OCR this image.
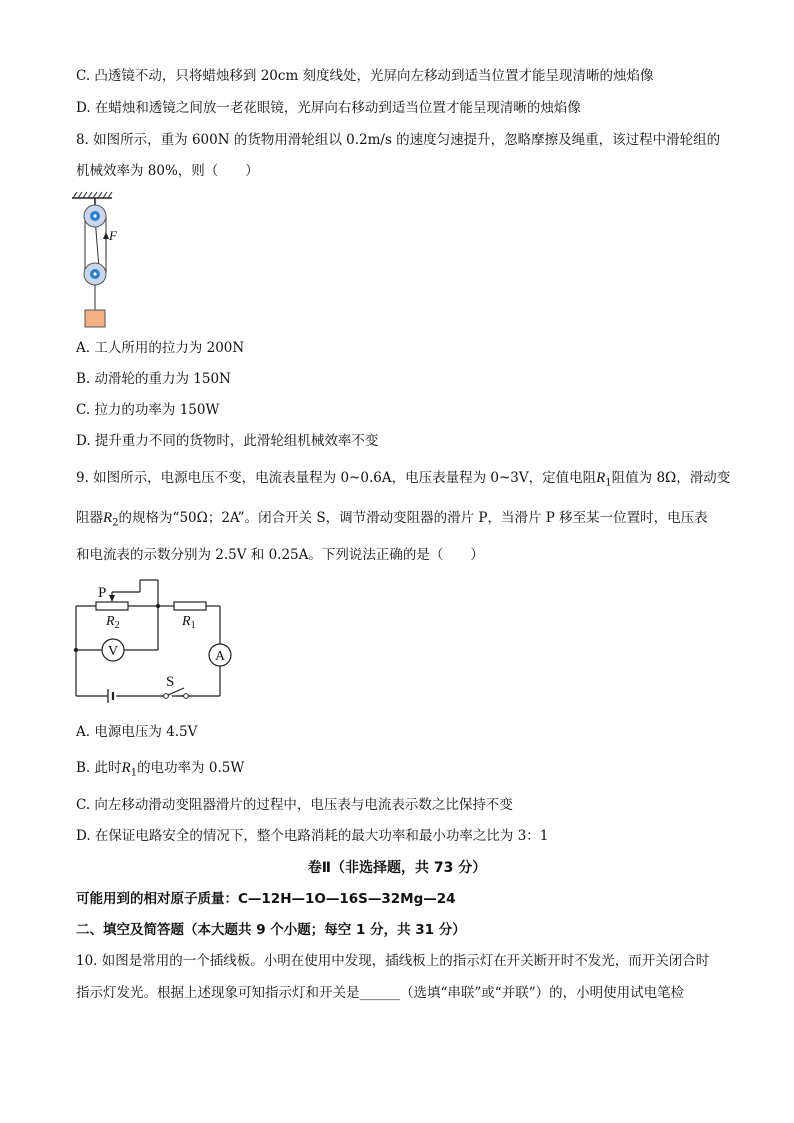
C. 凸透镜不动，只将蜡烛移到 20cm 刻度线处，光屏向左移动到适当位置才能呈现清晰的烛焰像
D. 在蜡烛和透镜之间放一老花眼镜，光屏向右移动到适当位置才能呈现清晰的烛焰像
8. 如图所示，重为 600N 的货物用滑轮组以 0.2m/s 的速度匀速提升，忽略摩擦及绳重，该过程中滑轮组的
机械效率为 80%，则（　　）
F
A. 工人所用的拉力为 200N
B. 动滑轮的重力为 150N
C. 拉力的功率为 150W
D. 提升重力不同的货物时，此滑轮组机械效率不变
9. 如图所示，电源电压不变，电流表量程为 0~0.6A，电压表量程为 0~3V，定值电阻$R_1$阻值为 8Ω，滑动变
阻器$R_2$的规格为“50Ω；2A”。闭合开关 S，调节滑动变阻器的滑片 P，当滑片 P 移至某一位置时，电压表
和电流表的示数分别为 2.5V 和 0.25A。下列说法正确的是（　　）
V	A
P
$R_2$	$R_1$
S
A. 电源电压为 4.5V
B. 此时$R_1$的电功率为 0.5W
C. 向左移动滑动变阻器滑片的过程中，电压表与电流表示数之比保持不变
D. 在保证电路安全的情况下，整个电路消耗的最大功率和最小功率之比为 3：1
卷Ⅱ（非选择题，共 73 分）
可能用到的相对原子质量：C—12H—1O—16S—32Mg—24
二、填空及简答题（本大题共 9 个小题；每空 1 分，共 31 分）
10. 如图是常用的一个插线板。小明在使用中发现，插线板上的指示灯在开关断开时不发光，而开关闭合时
指示灯发光。根据上述现象可知指示灯和开关是______（选填“串联”或“并联”）的，小明使用试电笔检
